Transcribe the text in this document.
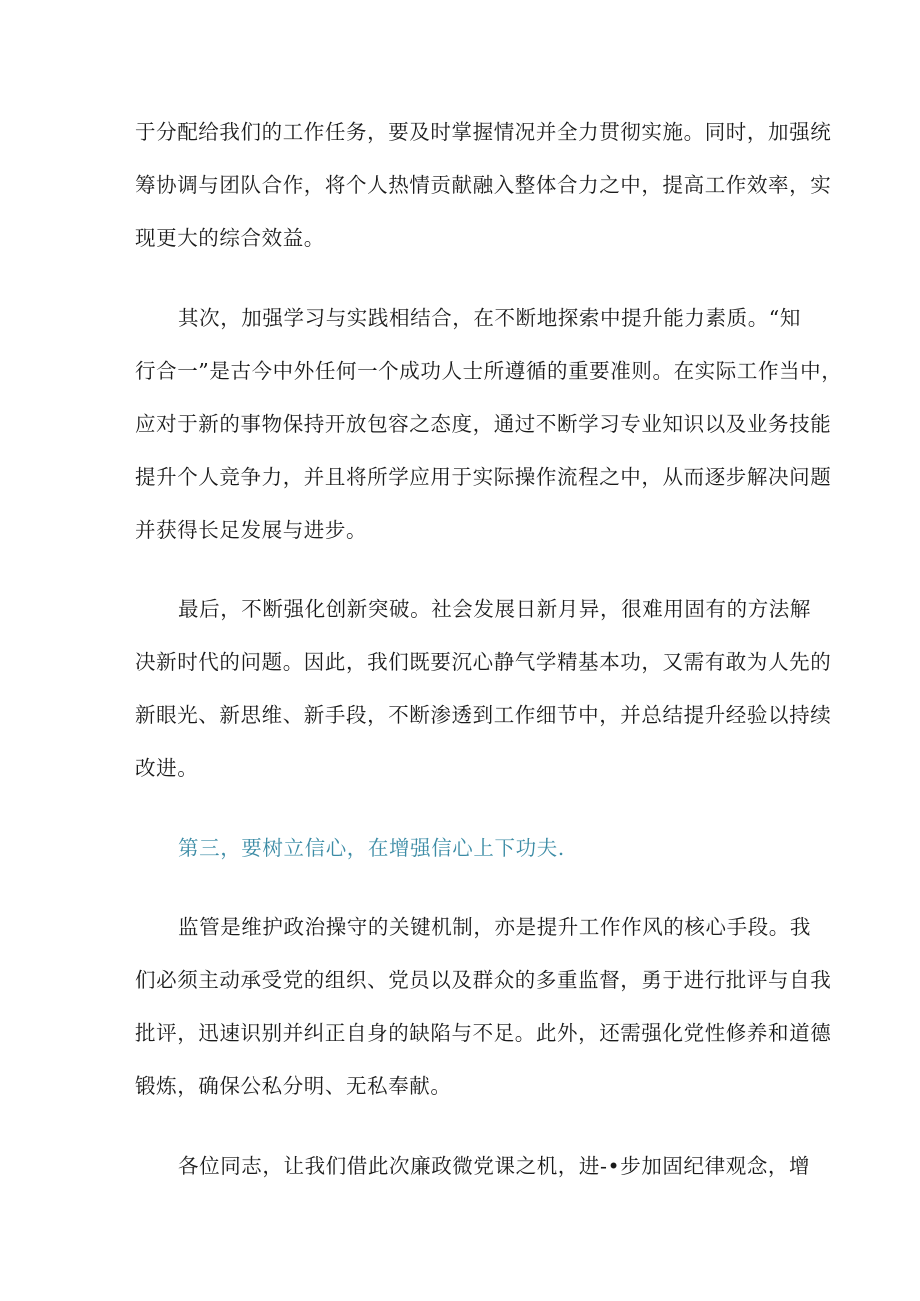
于分配给我们的工作任务，要及时掌握情况并全力贯彻实施。同时，加强统
筹协调与团队合作，将个人热情贡献融入整体合力之中，提高工作效率，实
现更大的综合效益。
其次，加强学习与实践相结合，在不断地探索中提升能力素质。“知
行合一”是古今中外任何一个成功人士所遵循的重要准则。在实际工作当中，
应对于新的事物保持开放包容之态度，通过不断学习专业知识以及业务技能
提升个人竞争力，并且将所学应用于实际操作流程之中，从而逐步解决问题
并获得长足发展与进步。
最后，不断强化创新突破。社会发展日新月异，很难用固有的方法解
决新时代的问题。因此，我们既要沉心静气学精基本功，又需有敢为人先的
新眼光、新思维、新手段，不断渗透到工作细节中，并总结提升经验以持续
改进。
第三，要树立信心，在增强信心上下功夫.
监管是维护政治操守的关键机制，亦是提升工作作风的核心手段。我
们必须主动承受党的组织、党员以及群众的多重监督，勇于进行批评与自我
批评，迅速识别并纠正自身的缺陷与不足。此外，还需强化党性修养和道德
锻炼，确保公私分明、无私奉献。
各位同志，让我们借此次廉政微党课之机，进-•步加固纪律观念，增
